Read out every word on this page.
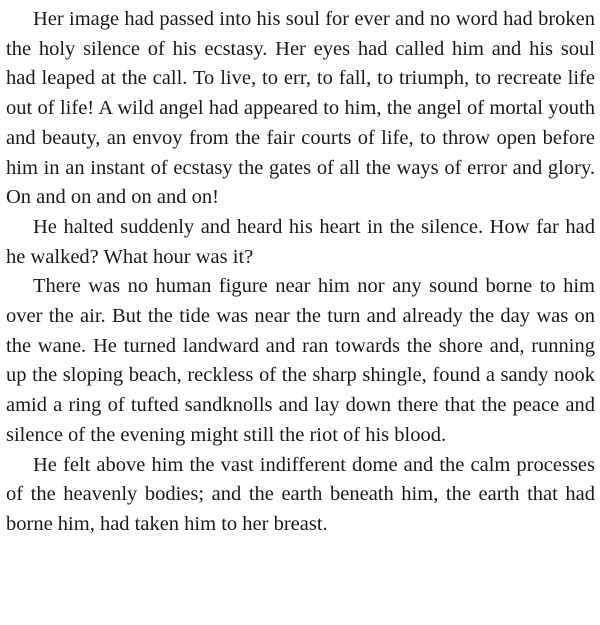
Her image had passed into his soul for ever and no word had broken the holy silence of his ecstasy. Her eyes had called him and his soul had leaped at the call. To live, to err, to fall, to triumph, to recreate life out of life! A wild angel had appeared to him, the angel of mortal youth and beauty, an envoy from the fair courts of life, to throw open before him in an instant of ecstasy the gates of all the ways of error and glory. On and on and on and on!

He halted suddenly and heard his heart in the silence. How far had he walked? What hour was it?

There was no human figure near him nor any sound borne to him over the air. But the tide was near the turn and already the day was on the wane. He turned landward and ran towards the shore and, running up the sloping beach, reckless of the sharp shingle, found a sandy nook amid a ring of tufted sandknolls and lay down there that the peace and silence of the evening might still the riot of his blood.

He felt above him the vast indifferent dome and the calm processes of the heavenly bodies; and the earth beneath him, the earth that had borne him, had taken him to her breast.
